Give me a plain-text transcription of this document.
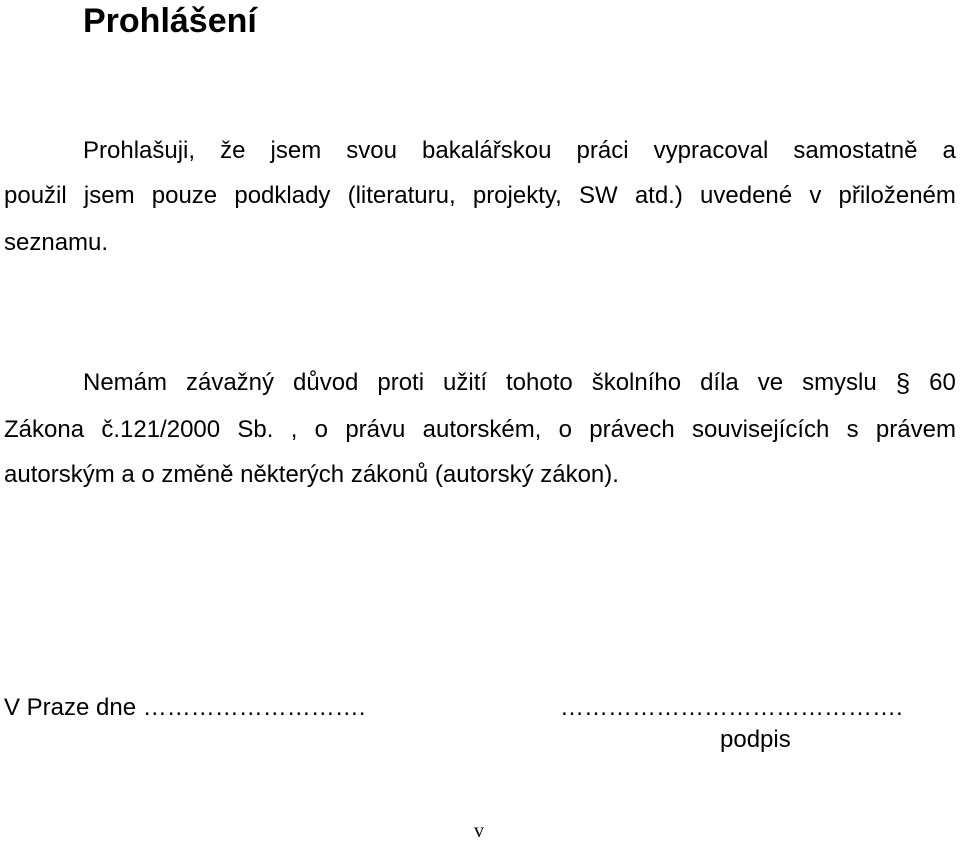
Prohlášení
Prohlašuji, že jsem svou bakalářskou práci vypracoval samostatně a
použil jsem pouze podklady (literaturu, projekty, SW atd.) uvedené v přiloženém

seznamu.

Nemám závažný důvod proti užití tohoto školního díla ve smyslu § 60
Zákona č.121/2000 Sb. , o právu autorském, o právech souvisejících s právem

autorským a o změně některých zákonů (autorský zákon).

V Praze dne ……………………….	…………………………………….
podpis
v
